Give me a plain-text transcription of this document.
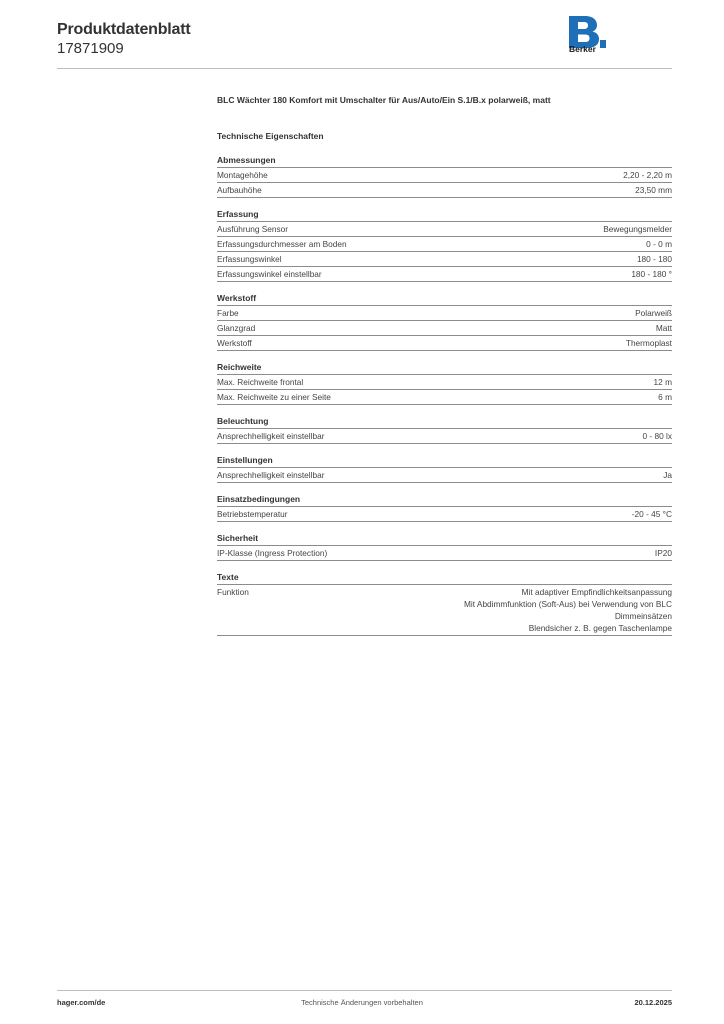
Produktdatenblatt
17871909	Berker
BLC Wächter 180 Komfort mit Umschalter für Aus/Auto/Ein S.1/B.x polarweiß, matt
Technische Eigenschaften
Abmessungen
Montagehöhe	2,20 - 2,20 m
Aufbauhöhe	23,50 mm
Erfassung
Ausführung Sensor	Bewegungsmelder
Erfassungsdurchmesser am Boden	0 - 0 m
Erfassungswinkel	180 - 180
Erfassungswinkel einstellbar	180 - 180 °
Werkstoff
Farbe	Polarweiß
Glanzgrad	Matt
Werkstoff	Thermoplast
Reichweite
Max. Reichweite frontal	12 m
Max. Reichweite zu einer Seite	6 m
Beleuchtung
Ansprechhelligkeit einstellbar	0 - 80 lx
Einstellungen
Ansprechhelligkeit einstellbar	Ja
Einsatzbedingungen
Betriebstemperatur	-20 - 45 °C
Sicherheit
IP-Klasse (Ingress Protection)	IP20
Texte
Funktion	Mit adaptiver Empfindlichkeitsanpassung
Mit Abdimmfunktion (Soft-Aus) bei Verwendung von BLC
Dimmeinsätzen
Blendsicher z. B. gegen Taschenlampe
hager.com/de	Technische Änderungen vorbehalten	20.12.2025
